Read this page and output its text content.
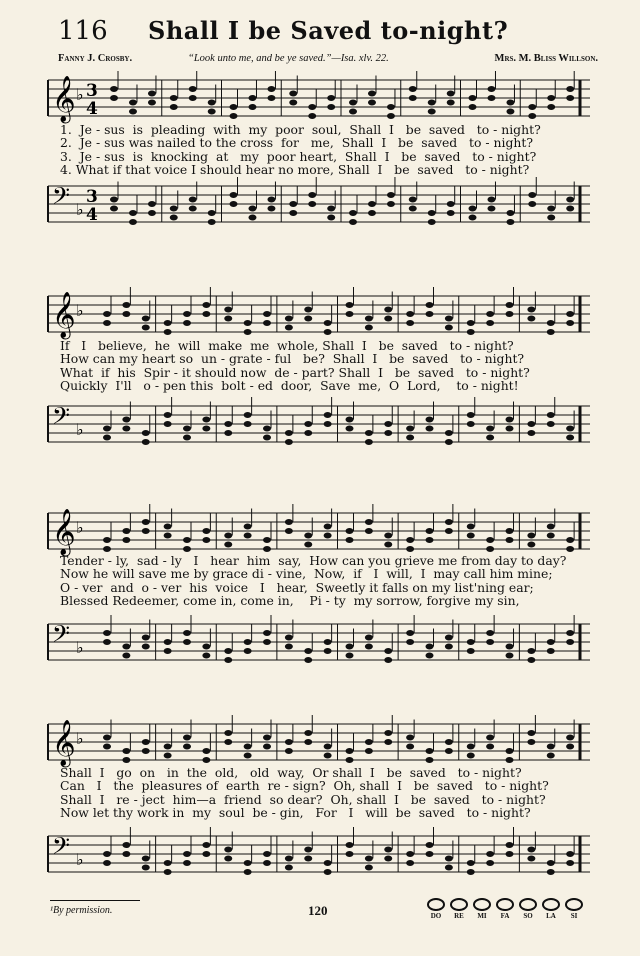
116 Shall I be Saved to-night?
Fanny J. Crosby.	“Look unto me, and be ye saved.”—Isa. xlv. 22.	Mrs. M. Bliss Willson.
𝄞 ♭ 3
4
1.  Je - sus  is  pleading  with  my  poor  soul,  Shall  I   be  saved   to - night?
2.  Je - sus was nailed to the cross  for   me,  Shall  I   be  saved   to - night?
3.  Je - sus  is  knocking  at   my  poor heart,  Shall  I   be  saved   to - night?
4. What if that voice I should hear no more, Shall  I   be  saved   to - night?
𝄢 ♭
3
4
𝄞 ♭
If   I   believe,  he  will  make  me  whole, Shall  I   be  saved   to - night?
How can my heart so  un - grate - ful   be?  Shall  I   be  saved   to - night?
What  if  his  Spir - it should now  de - part? Shall  I   be  saved   to - night?
Quickly  I'll   o - pen this  bolt - ed  door,  Save  me,  O  Lord,    to - night!
𝄢 ♭
𝄞 ♭
Tender - ly,  sad - ly   I   hear  him  say,  How can you grieve me from day to day?
Now he will save me by grace di - vine,  Now,  if   I  will,  I  may call him mine;
O - ver  and  o - ver  his  voice   I   hear,  Sweetly it falls on my list'ning ear;
Blessed Redeemer, come in, come in,    Pi - ty  my sorrow, forgive my sin,
𝄢 ♭
𝄞 ♭
Shall  I   go  on   in  the  old,   old  way,  Or shall  I   be  saved   to - night?
Can   I   the  pleasures of  earth  re - sign?  Oh, shall  I   be  saved   to - night?
Shall  I   re - ject  him—a  friend  so dear?  Oh, shall  I   be  saved   to - night?
Now let thy work in  my  soul  be - gin,   For   I   will  be  saved   to - night?
𝄢 ♭
¹By permission.	120	DO	RE	MI	FA	SO	LA	SI
